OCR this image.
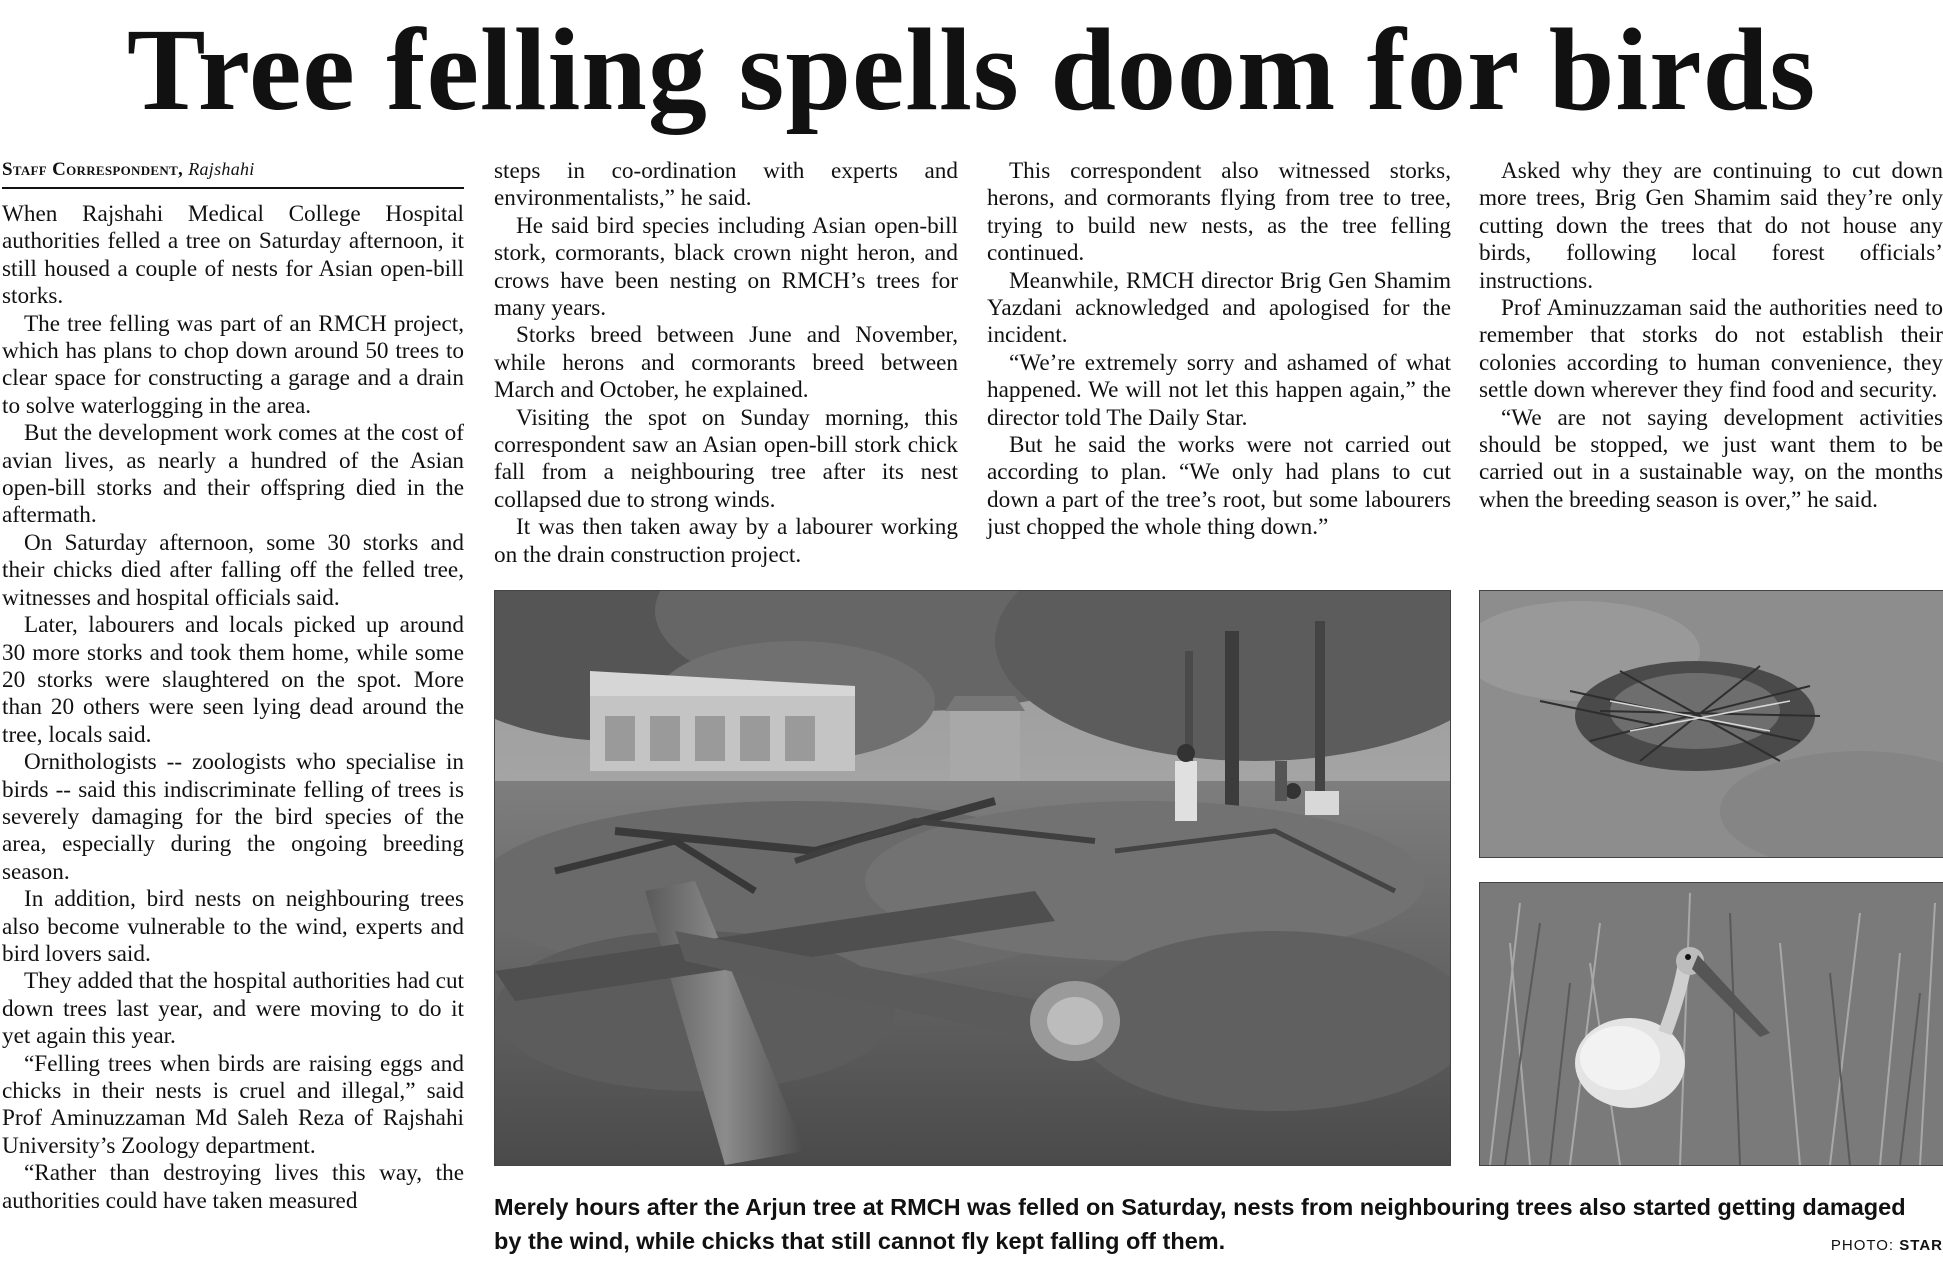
Tree felling spells doom for birds
Staff Correspondent, Rajshahi

When Rajshahi Medical College Hospital authorities felled a tree on Saturday afternoon, it still housed a couple of nests for Asian open-bill storks.

The tree felling was part of an RMCH project, which has plans to chop down around 50 trees to clear space for constructing a garage and a drain to solve waterlogging in the area.

But the development work comes at the cost of avian lives, as nearly a hundred of the Asian open-bill storks and their offspring died in the aftermath.

On Saturday afternoon, some 30 storks and their chicks died after falling off the felled tree, witnesses and hospital officials said.

Later, labourers and locals picked up around 30 more storks and took them home, while some 20 storks were slaughtered on the spot. More than 20 others were seen lying dead around the tree, locals said.

Ornithologists -- zoologists who specialise in birds -- said this indiscriminate felling of trees is severely damaging for the bird species of the area, especially during the ongoing breeding season.

In addition, bird nests on neighbouring trees also become vulnerable to the wind, experts and bird lovers said.

They added that the hospital authorities had cut down trees last year, and were moving to do it yet again this year.

“Felling trees when birds are raising eggs and chicks in their nests is cruel and illegal,” said Prof Aminuzzaman Md Saleh Reza of Rajshahi University’s Zoology department.

“Rather than destroying lives this way, the authorities could have taken measured

steps in co-ordination with experts and environmentalists,” he said.

He said bird species including Asian open-bill stork, cormorants, black crown night heron, and crows have been nesting on RMCH’s trees for many years.

Storks breed between June and November, while herons and cormorants breed between March and October, he explained.

Visiting the spot on Sunday morning, this correspondent saw an Asian open-bill stork chick fall from a neighbouring tree after its nest collapsed due to strong winds.

It was then taken away by a labourer working on the drain construction project.

This correspondent also witnessed storks, herons, and cormorants flying from tree to tree, trying to build new nests, as the tree felling continued.

Meanwhile, RMCH director Brig Gen Shamim Yazdani acknowledged and apologised for the incident.

“We’re extremely sorry and ashamed of what happened. We will not let this happen again,” the director told The Daily Star.

But he said the works were not carried out according to plan. “We only had plans to cut down a part of the tree’s root, but some labourers just chopped the whole thing down.”

Asked why they are continuing to cut down more trees, Brig Gen Shamim said they’re only cutting down the trees that do not house any birds, following local forest officials’ instructions.

Prof Aminuzzaman said the authorities need to remember that storks do not establish their colonies according to human convenience, they settle down wherever they find food and security.

“We are not saying development activities should be stopped, we just want them to be carried out in a sustainable way, on the months when the breeding season is over,” he said.

Merely hours after the Arjun tree at RMCH was felled on Saturday, nests from neighbouring trees also started getting damaged by the wind, while chicks that still cannot fly kept falling off them.	PHOTO: STAR
